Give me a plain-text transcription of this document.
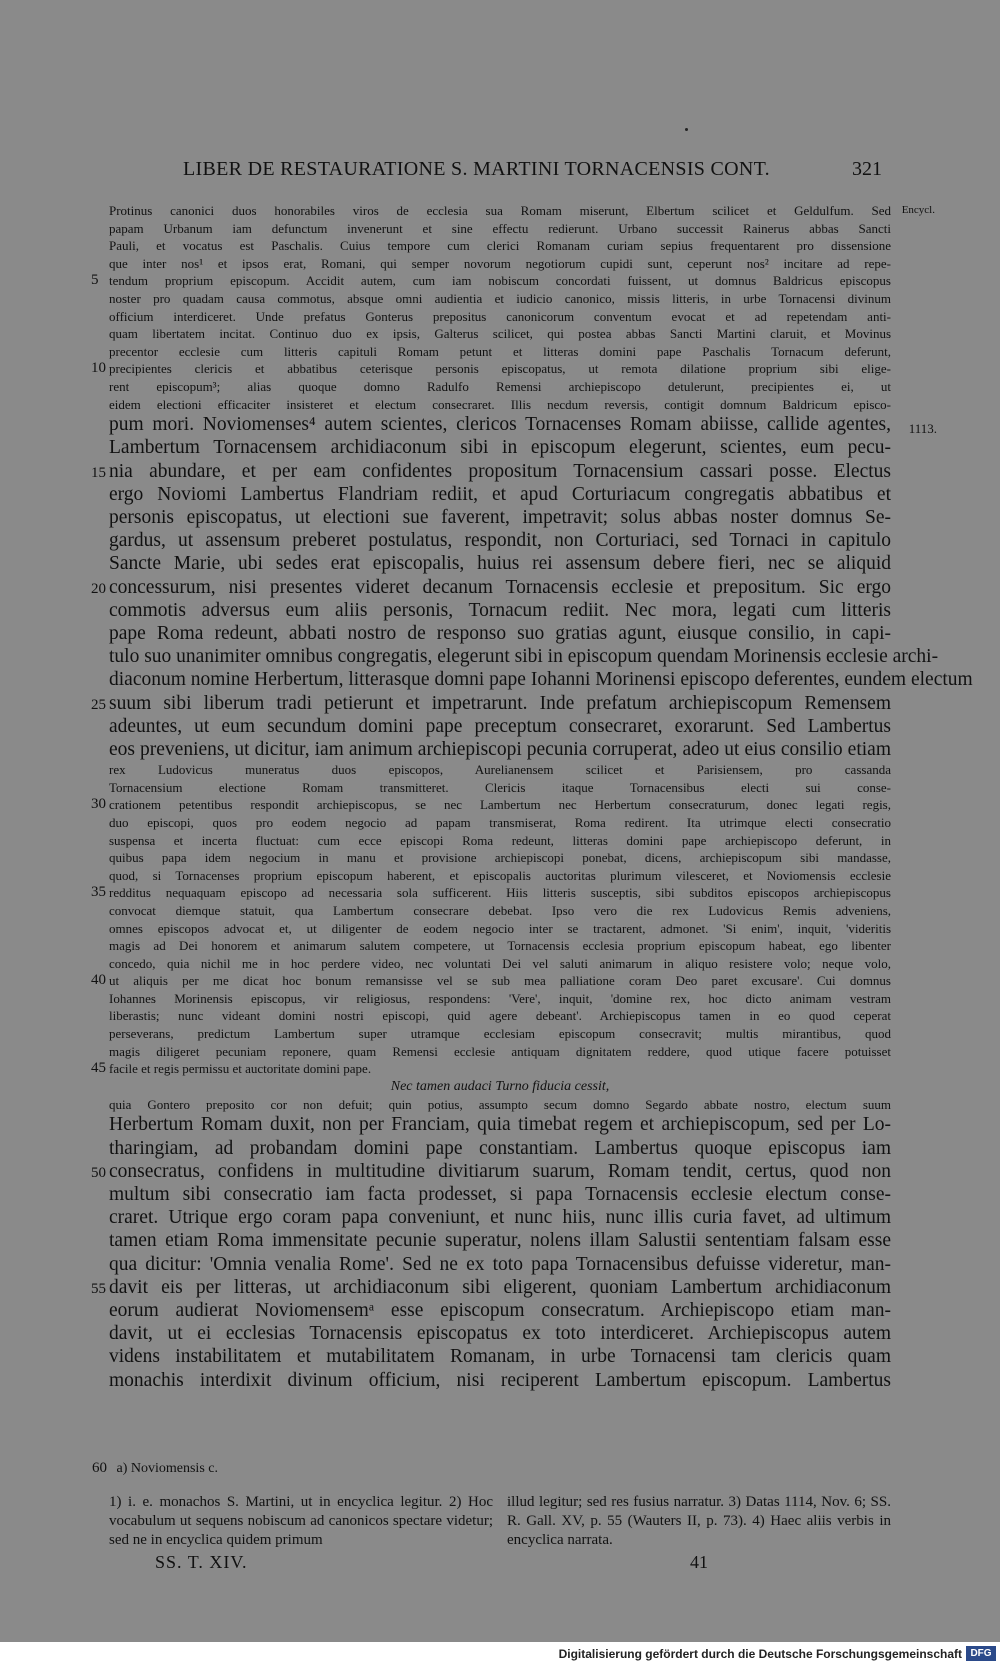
LIBER DE RESTAURATIONE S. MARTINI TORNACENSIS CONT.	321
Protinus canonici duos honorabiles viros de ecclesia sua Romam miserunt, Elbertum scilicet et Geldulfum. Sed Encycl.
papam Urbanum iam defunctum invenerunt et sine effectu redierunt. Urbano successit Rainerus abbas Sancti
Pauli, et vocatus est Paschalis. Cuius tempore cum clerici Romanam curiam sepius frequentarent pro dissensione
que inter nos¹ et ipsos erat, Romani, qui semper novorum negotiorum cupidi sunt, ceperunt nos² incitare ad repe-
tendum proprium episcopum. Accidit autem, cum iam nobiscum concordati fuissent, ut domnus Baldricus episcopus
5
noster pro quadam causa commotus, absque omni audientia et iudicio canonico, missis litteris, in urbe Tornacensi divinum
officium interdiceret. Unde prefatus Gonterus prepositus canonicorum conventum evocat et ad repetendam anti-
quam libertatem incitat. Continuo duo ex ipsis, Galterus scilicet, qui postea abbas Sancti Martini claruit, et Movinus
precentor ecclesie cum litteris capituli Romam petunt et litteras domini pape Paschalis Tornacum deferunt,
precipientes clericis et abbatibus ceterisque personis episcopatus, ut remota dilatione proprium sibi elige-
10
rent episcopum³; alias quoque domno Radulfo Remensi archiepiscopo detulerunt, precipientes ei, ut
eidem electioni efficaciter insisteret et electum consecraret. Illis necdum reversis, contigit domnum Baldricum episco-
pum mori. Noviomenses⁴ autem scientes, clericos Tornacenses Romam abiisse, callide agentes, 1113.
Lambertum Tornacensem archidiaconum sibi in episcopum elegerunt, scientes, eum pecu-
nia abundare, et per eam confidentes propositum Tornacensium cassari posse. Electus
15
ergo Noviomi Lambertus Flandriam rediit, et apud Corturiacum congregatis abbatibus et
personis episcopatus, ut electioni sue faverent, impetravit; solus abbas noster domnus Se-
gardus, ut assensum preberet postulatus, respondit, non Corturiaci, sed Tornaci in capitulo
Sancte Marie, ubi sedes erat episcopalis, huius rei assensum debere fieri, nec se aliquid
concessurum, nisi presentes videret decanum Tornacensis ecclesie et prepositum. Sic ergo
20
commotis adversus eum aliis personis, Tornacum rediit. Nec mora, legati cum litteris
pape Roma redeunt, abbati nostro de responso suo gratias agunt, eiusque consilio, in capi-
tulo suo unanimiter omnibus congregatis, elegerunt sibi in episcopum quendam Morinensis ecclesie archi-
diaconum nomine Herbertum, litterasque domni pape Iohanni Morinensi episcopo deferentes, eundem electum
suum sibi liberum tradi petierunt et impetrarunt. Inde prefatum archiepiscopum Remensem
25
adeuntes, ut eum secundum domini pape preceptum consecraret, exorarunt. Sed Lambertus
eos preveniens, ut dicitur, iam animum archiepiscopi pecunia corruperat, adeo ut eius consilio etiam
rex Ludovicus muneratus duos episcopos, Aurelianensem scilicet et Parisiensem, pro cassanda
Tornacensium electione Romam transmitteret. Clericis itaque Tornacensibus electi sui conse-
crationem petentibus respondit archiepiscopus, se nec Lambertum nec Herbertum consecraturum, donec legati regis,
30
duo episcopi, quos pro eodem negocio ad papam transmiserat, Roma redirent. Ita utrimque electi consecratio
suspensa et incerta fluctuat: cum ecce episcopi Roma redeunt, litteras domini pape archiepiscopo deferunt, in
quibus papa idem negocium in manu et provisione archiepiscopi ponebat, dicens, archiepiscopum sibi mandasse,
quod, si Tornacenses proprium episcopum haberent, et episcopalis auctoritas plurimum vilesceret, et Noviomensis ecclesie
redditus nequaquam episcopo ad necessaria sola sufficerent. Hiis litteris susceptis, sibi subditos episcopos archiepiscopus
35
convocat diemque statuit, qua Lambertum consecrare debebat. Ipso vero die rex Ludovicus Remis adveniens,
omnes episcopos advocat et, ut diligenter de eodem negocio inter se tractarent, admonet. 'Si enim', inquit, 'videritis
magis ad Dei honorem et animarum salutem competere, ut Tornacensis ecclesia proprium episcopum habeat, ego libenter
concedo, quia nichil me in hoc perdere video, nec voluntati Dei vel saluti animarum in aliquo resistere volo; neque volo,
ut aliquis per me dicat hoc bonum remansisse vel se sub mea palliatione coram Deo paret excusare'. Cui domnus
40
Iohannes Morinensis episcopus, vir religiosus, respondens: 'Vere', inquit, 'domine rex, hoc dicto animam vestram
liberastis; nunc videant domini nostri episcopi, quid agere debeant'. Archiepiscopus tamen in eo quod ceperat
perseverans, predictum Lambertum super utramque ecclesiam episcopum consecravit; multis mirantibus, quod
magis diligeret pecuniam reponere, quam Remensi ecclesie antiquam dignitatem reddere, quod utique facere potuisset
facile et regis permissu et auctoritate domini pape.
45
Nec tamen audaci Turno fiducia cessit,
quia Gontero preposito cor non defuit; quin potius, assumpto secum domno Segardo abbate nostro, electum suum
Herbertum Romam duxit, non per Franciam, quia timebat regem et archiepiscopum, sed per Lo-
tharingiam, ad probandam domini pape constantiam. Lambertus quoque episcopus iam
consecratus, confidens in multitudine divitiarum suarum, Romam tendit, certus, quod non
50
multum sibi consecratio iam facta prodesset, si papa Tornacensis ecclesie electum conse-
craret. Utrique ergo coram papa conveniunt, et nunc hiis, nunc illis curia favet, ad ultimum
tamen etiam Roma immensitate pecunie superatur, nolens illam Salustii sententiam falsam esse
qua dicitur: 'Omnia venalia Rome'. Sed ne ex toto papa Tornacensibus defuisse videretur, man-
davit eis per litteras, ut archidiaconum sibi eligerent, quoniam Lambertum archidiaconum
55
eorum audierat Noviomensemᵃ esse episcopum consecratum. Archiepiscopo etiam man-
davit, ut ei ecclesias Tornacensis episcopatus ex toto interdiceret. Archiepiscopus autem
videns instabilitatem et mutabilitatem Romanam, in urbe Tornacensi tam clericis quam
monachis interdixit divinum officium, nisi reciperent Lambertum episcopum. Lambertus
60 a) Noviomensis c.

1) i. e. monachos S. Martini, ut in encyclica legitur. 2) Hoc vocabulum ut sequens nobiscum ad canonicos spectare videtur; sed ne in encyclica quidem primum

illud legitur; sed res fusius narratur. 3) Datas 1114, Nov. 6; SS. R. Gall. XV, p. 55 (Wauters II, p. 73). 4) Haec aliis verbis in encyclica narrata.

SS. T. XIV.	41
Digitalisierung gefördert durch die Deutsche Forschungsgemeinschaft DFG
